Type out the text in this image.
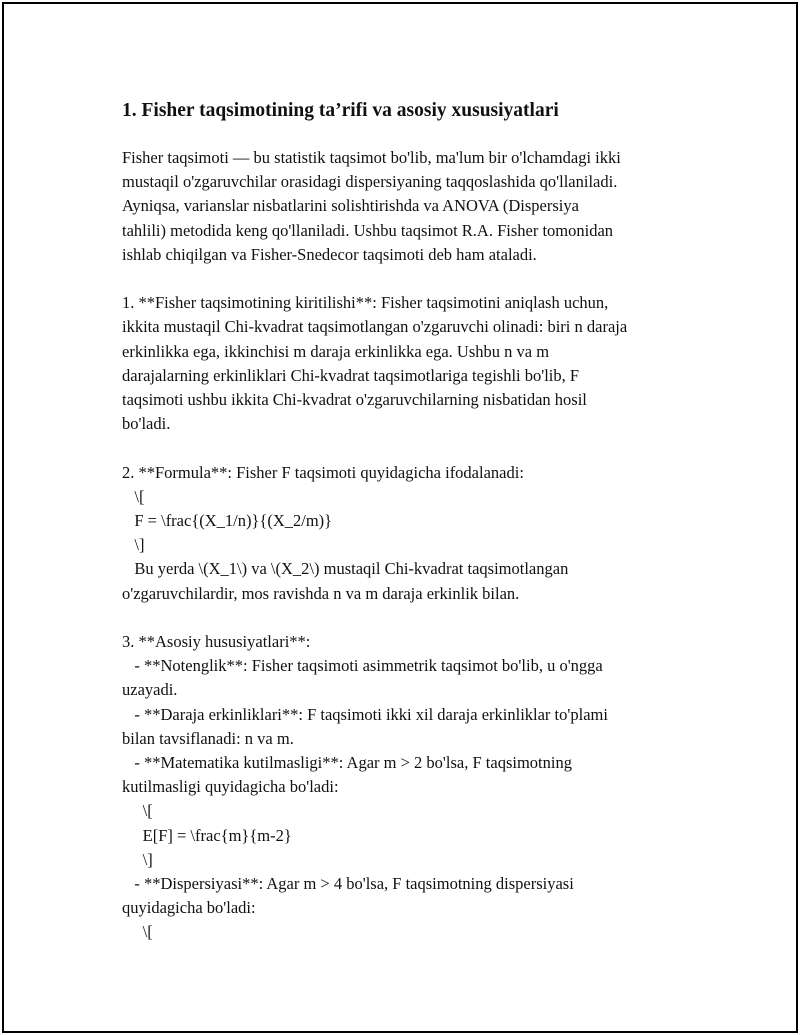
1. Fisher taqsimotining ta’rifi va asosiy xususiyatlari
Fisher taqsimoti — bu statistik taqsimot bo'lib, ma'lum bir o'lchamdagi ikki
mustaqil o'zgaruvchilar orasidagi dispersiyaning taqqoslashida qo'llaniladi.
Ayniqsa, varianslar nisbatlarini solishtirishda va ANOVA (Dispersiya
tahlili) metodida keng qo'llaniladi. Ushbu taqsimot R.A. Fisher tomonidan
ishlab chiqilgan va Fisher-Snedecor taqsimoti deb ham ataladi.
1. **Fisher taqsimotining kiritilishi**: Fisher taqsimotini aniqlash uchun,
ikkita mustaqil Chi-kvadrat taqsimotlangan o'zgaruvchi olinadi: biri n daraja
erkinlikka ega, ikkinchisi m daraja erkinlikka ega. Ushbu n va m
darajalarning erkinliklari Chi-kvadrat taqsimotlariga tegishli bo'lib, F
taqsimoti ushbu ikkita Chi-kvadrat o'zgaruvchilarning nisbatidan hosil
bo'ladi.
2. **Formula**: Fisher F taqsimoti quyidagicha ifodalanadi:
\[
F = \frac{(X_1/n)}{(X_2/m)}
\]
Bu yerda \(X_1\) va \(X_2\) mustaqil Chi-kvadrat taqsimotlangan
o'zgaruvchilardir, mos ravishda n va m daraja erkinlik bilan.
3. **Asosiy hususiyatlari**:
- **Notenglik**: Fisher taqsimoti asimmetrik taqsimot bo'lib, u o'ngga
uzayadi.
- **Daraja erkinliklari**: F taqsimoti ikki xil daraja erkinliklar to'plami
bilan tavsiflanadi: n va m.
- **Matematika kutilmasligi**: Agar m > 2 bo'lsa, F taqsimotning
kutilmasligi quyidagicha bo'ladi:
\[
E[F] = \frac{m}{m-2}
\]
- **Dispersiyasi**: Agar m > 4 bo'lsa, F taqsimotning dispersiyasi
quyidagicha bo'ladi:
\[
